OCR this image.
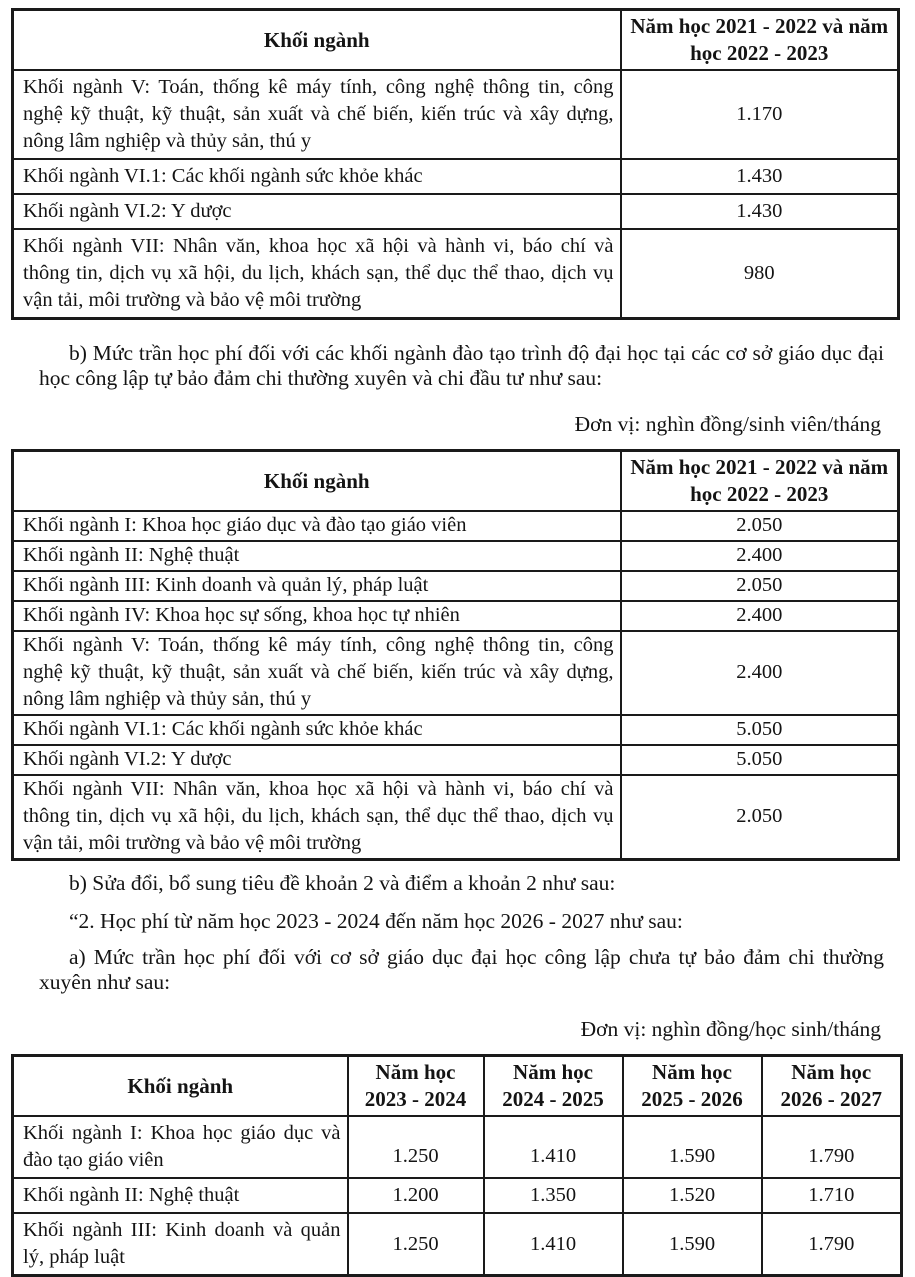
Khối ngành	Năm học 2021 - 2022 và năm học 2022 - 2023
Khối ngành V: Toán, thống kê máy tính, công nghệ thông tin, công nghệ kỹ thuật, kỹ thuật, sản xuất và chế biến, kiến trúc và xây dựng, nông lâm nghiệp và thủy sản, thú y	1.170
Khối ngành VI.1: Các khối ngành sức khỏe khác	1.430
Khối ngành VI.2: Y dược	1.430
Khối ngành VII: Nhân văn, khoa học xã hội và hành vi, báo chí và thông tin, dịch vụ xã hội, du lịch, khách sạn, thể dục thể thao, dịch vụ vận tải, môi trường và bảo vệ môi trường	980

b) Mức trần học phí đối với các khối ngành đào tạo trình độ đại học tại các cơ sở giáo dục đại học công lập tự bảo đảm chi thường xuyên và chi đầu tư như sau:

Đơn vị: nghìn đồng/sinh viên/tháng
Khối ngành	Năm học 2021 - 2022 và năm học 2022 - 2023
Khối ngành I: Khoa học giáo dục và đào tạo giáo viên	2.050
Khối ngành II: Nghệ thuật	2.400
Khối ngành III: Kinh doanh và quản lý, pháp luật	2.050
Khối ngành IV: Khoa học sự sống, khoa học tự nhiên	2.400
Khối ngành V: Toán, thống kê máy tính, công nghệ thông tin, công nghệ kỹ thuật, kỹ thuật, sản xuất và chế biến, kiến trúc và xây dựng, nông lâm nghiệp và thủy sản, thú y	2.400
Khối ngành VI.1: Các khối ngành sức khỏe khác	5.050
Khối ngành VI.2: Y dược	5.050
Khối ngành VII: Nhân văn, khoa học xã hội và hành vi, báo chí và thông tin, dịch vụ xã hội, du lịch, khách sạn, thể dục thể thao, dịch vụ vận tải, môi trường và bảo vệ môi trường	2.050

b) Sửa đổi, bổ sung tiêu đề khoản 2 và điểm a khoản 2 như sau:

“2. Học phí từ năm học 2023 - 2024 đến năm học 2026 - 2027 như sau:

a) Mức trần học phí đối với cơ sở giáo dục đại học công lập chưa tự bảo đảm chi thường xuyên như sau:

Đơn vị: nghìn đồng/học sinh/tháng
Khối ngành	Năm học 2023 - 2024	Năm học 2024 - 2025	Năm học 2025 - 2026	Năm học 2026 - 2027
Khối ngành I: Khoa học giáo dục và đào tạo giáo viên	1.250	1.410	1.590	1.790
Khối ngành II: Nghệ thuật	1.200	1.350	1.520	1.710
Khối ngành III: Kinh doanh và quản lý, pháp luật	1.250	1.410	1.590	1.790
